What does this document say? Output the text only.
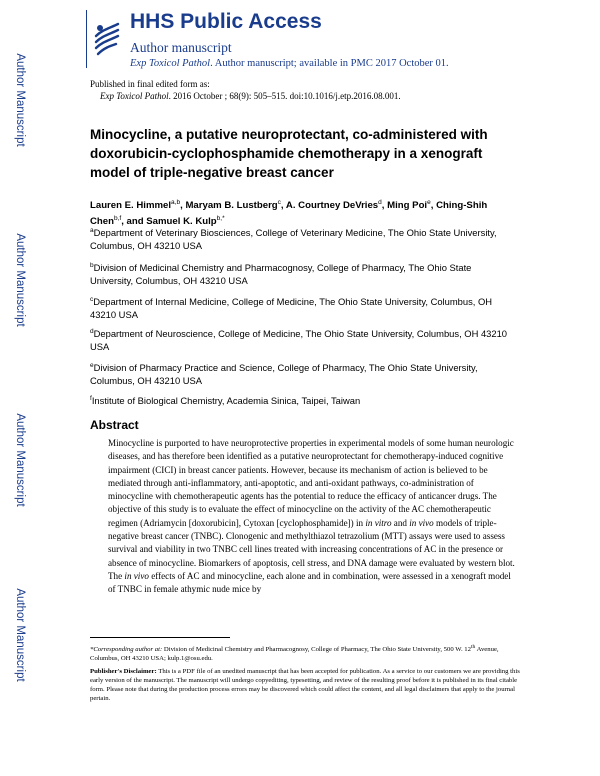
Author Manuscript
Author Manuscript
Author Manuscript
Author Manuscript
HHS Public Access
Author manuscript
Exp Toxicol Pathol. Author manuscript; available in PMC 2017 October 01.
Published in final edited form as:
Exp Toxicol Pathol. 2016 October ; 68(9): 505–515. doi:10.1016/j.etp.2016.08.001.
Minocycline, a putative neuroprotectant, co-administered with doxorubicin-cyclophosphamide chemotherapy in a xenograft model of triple-negative breast cancer
Lauren E. Himmel$^{a,b}$, Maryam B. Lustberg$^c$, A. Courtney DeVries$^d$, Ming Poi$^e$, Ching-Shih Chen$^{b,f}$, and Samuel K. Kulp$^{b,*}$
$^a$Department of Veterinary Biosciences, College of Veterinary Medicine, The Ohio State University, Columbus, OH 43210 USA
$^b$Division of Medicinal Chemistry and Pharmacognosy, College of Pharmacy, The Ohio State University, Columbus, OH 43210 USA
$^c$Department of Internal Medicine, College of Medicine, The Ohio State University, Columbus, OH 43210 USA
$^d$Department of Neuroscience, College of Medicine, The Ohio State University, Columbus, OH 43210 USA
$^e$Division of Pharmacy Practice and Science, College of Pharmacy, The Ohio State University, Columbus, OH 43210 USA
$^f$Institute of Biological Chemistry, Academia Sinica, Taipei, Taiwan
Abstract

Minocycline is purported to have neuroprotective properties in experimental models of some human neurologic diseases, and has therefore been identified as a putative neuroprotectant for chemotherapy-induced cognitive impairment (CICI) in breast cancer patients. However, because its mechanism of action is believed to be mediated through anti-inflammatory, anti-apoptotic, and anti-oxidant pathways, co-administration of minocycline with chemotherapeutic agents has the potential to reduce the efficacy of anticancer drugs. The objective of this study is to evaluate the effect of minocycline on the activity of the AC chemotherapeutic regimen (Adriamycin [doxorubicin], Cytoxan [cyclophosphamide]) in in vitro and in vivo models of triple-negative breast cancer (TNBC). Clonogenic and methylthiazol tetrazolium (MTT) assays were used to assess survival and viability in two TNBC cell lines treated with increasing concentrations of AC in the presence or absence of minocycline. Biomarkers of apoptosis, cell stress, and DNA damage were evaluated by western blot. The in vivo effects of AC and minocycline, each alone and in combination, were assessed in a xenograft model of TNBC in female athymic nude mice by

*Corresponding author at: Division of Medicinal Chemistry and Pharmacognosy, College of Pharmacy, The Ohio State University, 500 W. 12th Avenue, Columbus, OH 43210 USA; kulp.1@osu.edu.

Publisher's Disclaimer: This is a PDF file of an unedited manuscript that has been accepted for publication. As a service to our customers we are providing this early version of the manuscript. The manuscript will undergo copyediting, typesetting, and review of the resulting proof before it is published in its final citable form. Please note that during the production process errors may be discovered which could affect the content, and all legal disclaimers that apply to the journal pertain.
